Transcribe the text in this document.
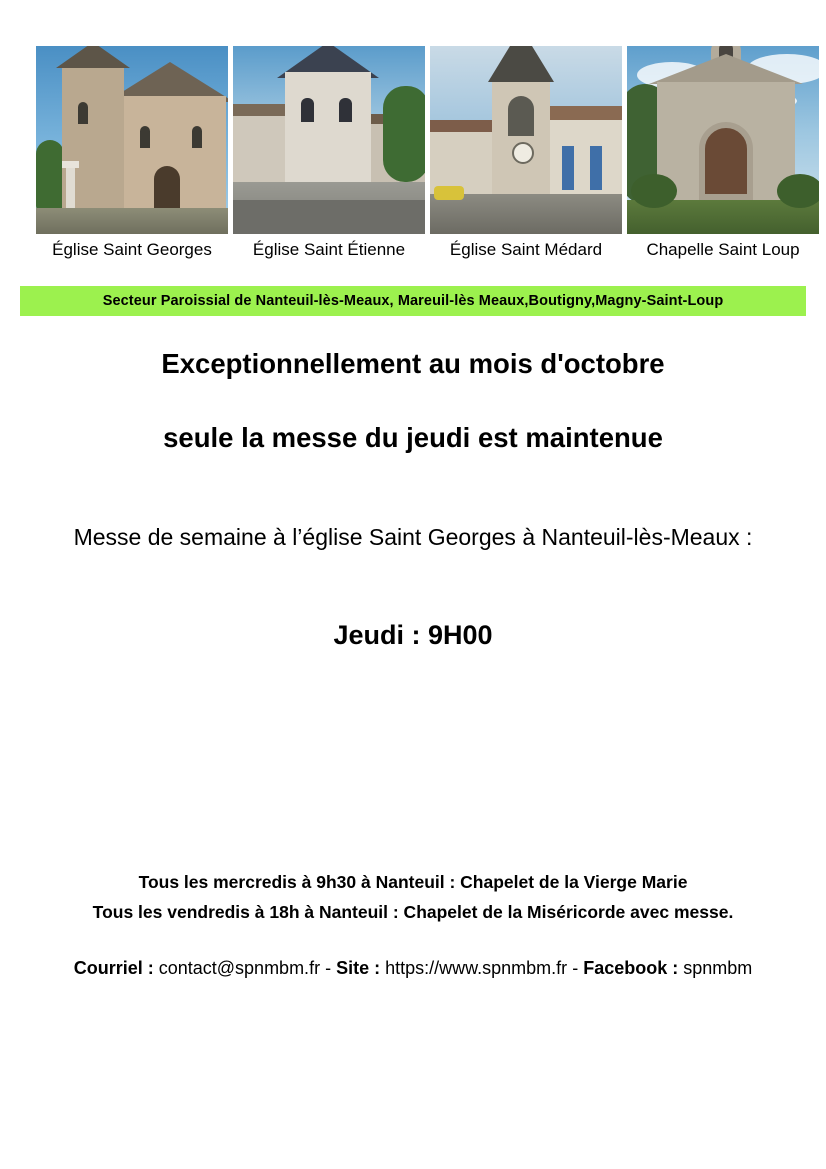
Église Saint Georges	Église Saint Étienne	Église Saint Médard	Chapelle Saint Loup
Secteur Paroissial de Nanteuil-lès-Meaux, Mareuil-lès Meaux,Boutigny,Magny-Saint-Loup
Exceptionnellement au mois d'octobre
seule la messe du jeudi est maintenue
Messe de semaine à l’église Saint Georges à Nanteuil-lès-Meaux :
Jeudi : 9H00
Tous les mercredis à 9h30 à Nanteuil : Chapelet de la Vierge Marie
Tous les vendredis à 18h à Nanteuil : Chapelet de la Miséricorde avec messe.
Courriel : contact@spnmbm.fr - Site : https://www.spnmbm.fr - Facebook : spnmbm
